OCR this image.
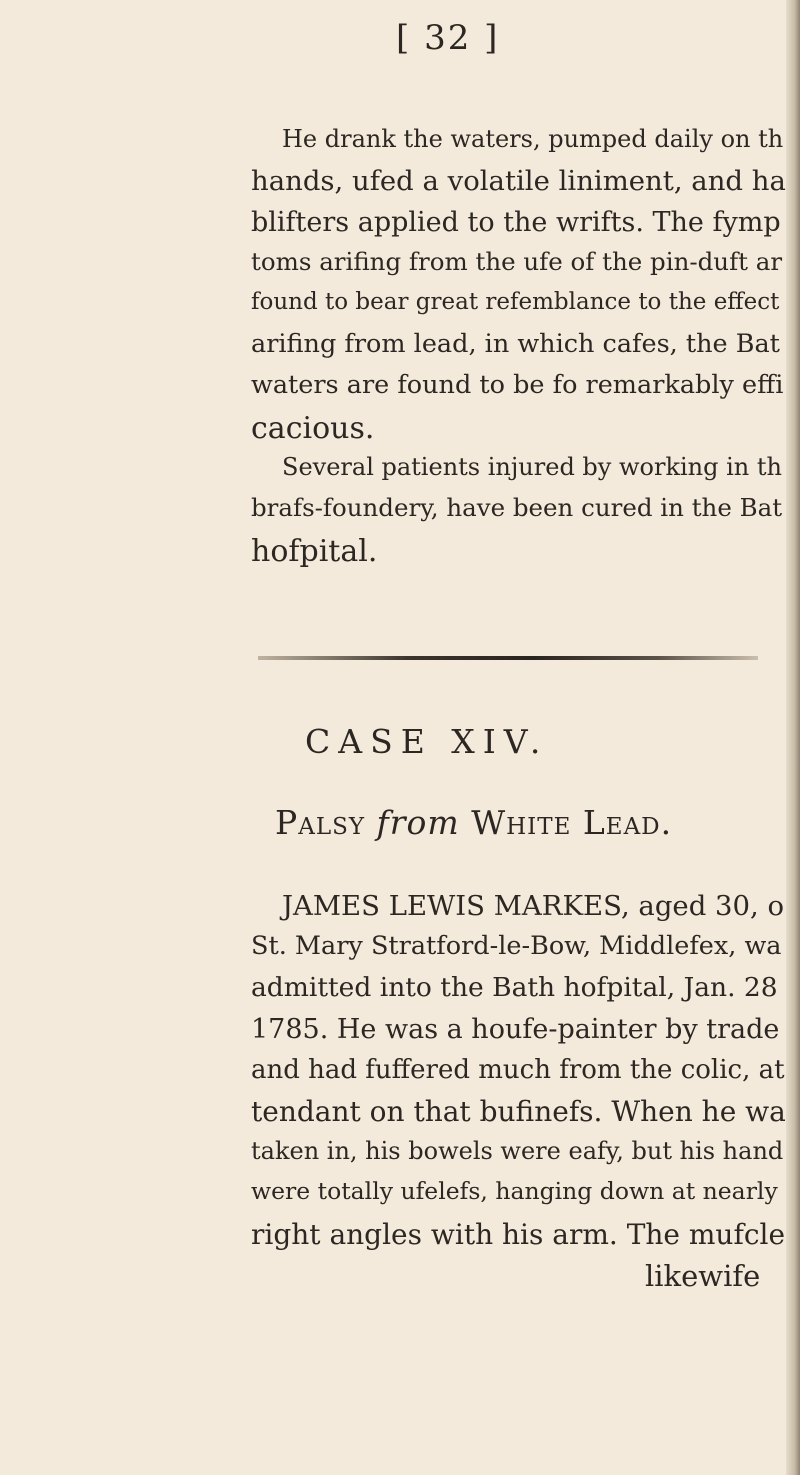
[ 32 ]
He drank the waters, pumped daily on th
hands, ufed a volatile liniment, and ha
blifters applied to the wrifts. The fymp
toms arifing from the ufe of the pin-duft ar
found to bear great refemblance to the effect
arifing from lead, in which cafes, the Bat
waters are found to be fo remarkably effi
cacious.
Several patients injured by working in th
brafs-foundery, have been cured in the Bat
hofpital.
CASE XIV.
Palsy from White Lead.
JAMES LEWIS MARKES, aged 30, o
St. Mary Stratford-le-Bow, Middlefex, wa
admitted into the Bath hofpital, Jan. 28
1785. He was a houfe-painter by trade
and had fuffered much from the colic, at
tendant on that bufinefs. When he wa
taken in, his bowels were eafy, but his hand
were totally ufelefs, hanging down at nearly
right angles with his arm. The mufcle
likewife
